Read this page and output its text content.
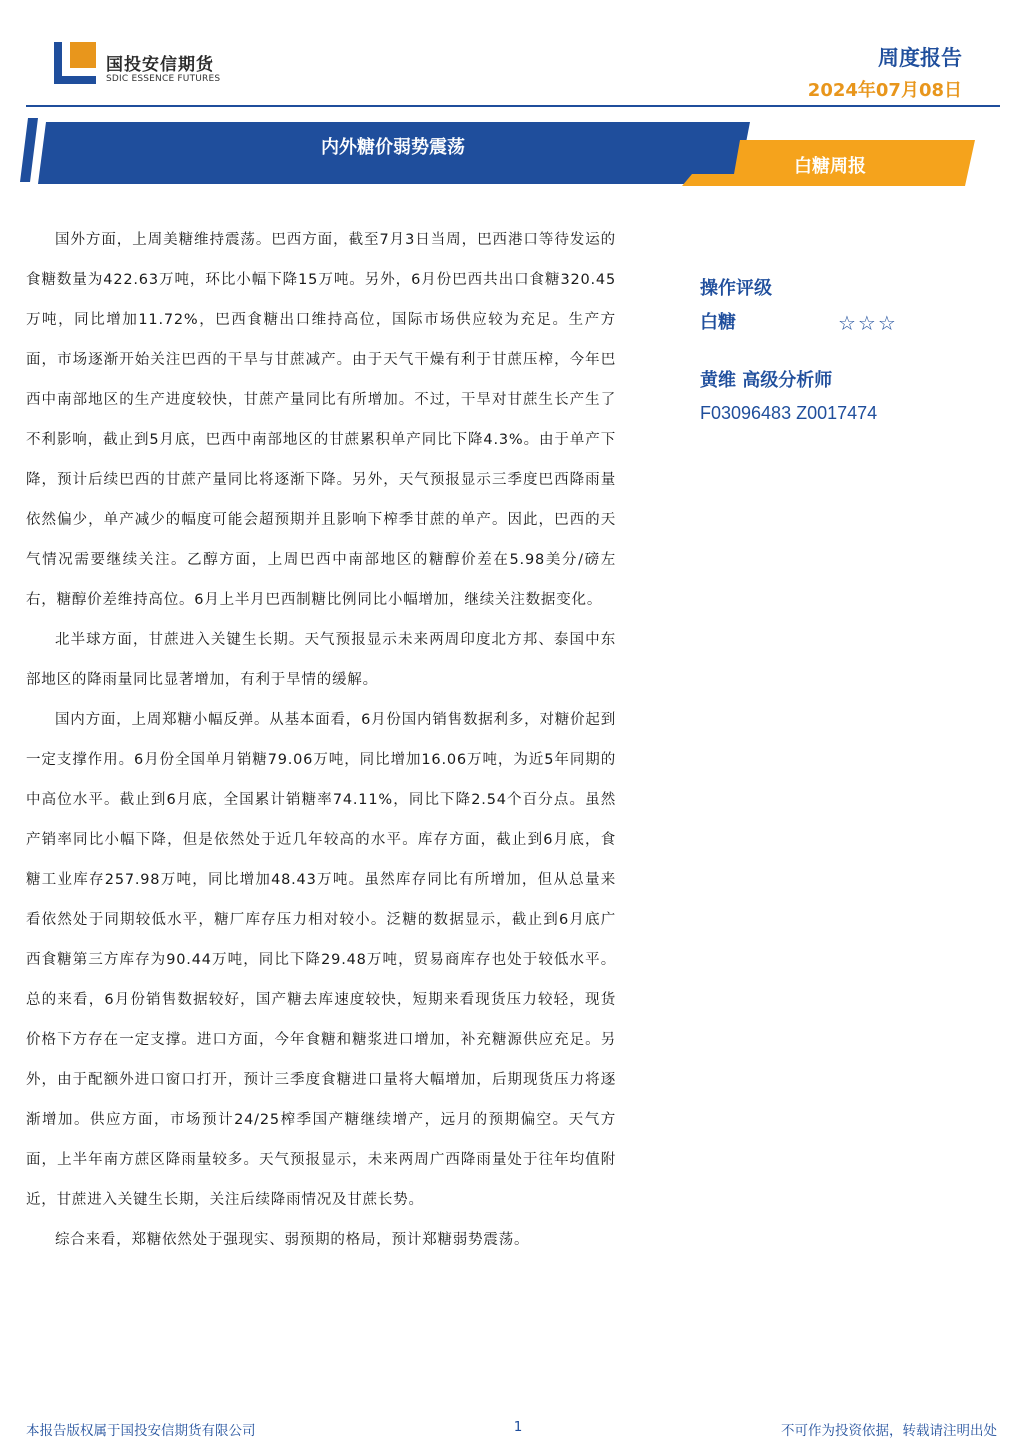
国投安信期货
SDIC ESSENCE FUTURES
周度报告
2024年07月08日
内外糖价弱势震荡
白糖周报

国外方面，上周美糖维持震荡。巴西方面，截至7月3日当周，巴西港口等待发运的食糖数量为422.63万吨，环比小幅下降15万吨。另外，6月份巴西共出口食糖320.45万吨，同比增加11.72%，巴西食糖出口维持高位，国际市场供应较为充足。生产方面，市场逐渐开始关注巴西的干旱与甘蔗减产。由于天气干燥有利于甘蔗压榨，今年巴西中南部地区的生产进度较快，甘蔗产量同比有所增加。不过，干旱对甘蔗生长产生了不利影响，截止到5月底，巴西中南部地区的甘蔗累积单产同比下降4.3%。由于单产下降，预计后续巴西的甘蔗产量同比将逐渐下降。另外，天气预报显示三季度巴西降雨量依然偏少，单产减少的幅度可能会超预期并且影响下榨季甘蔗的单产。因此，巴西的天气情况需要继续关注。乙醇方面，上周巴西中南部地区的糖醇价差在5.98美分/磅左右，糖醇价差维持高位。6月上半月巴西制糖比例同比小幅增加，继续关注数据变化。

北半球方面，甘蔗进入关键生长期。天气预报显示未来两周印度北方邦、泰国中东部地区的降雨量同比显著增加，有利于旱情的缓解。

国内方面，上周郑糖小幅反弹。从基本面看，6月份国内销售数据利多，对糖价起到一定支撑作用。6月份全国单月销糖79.06万吨，同比增加16.06万吨，为近5年同期的中高位水平。截止到6月底，全国累计销糖率74.11%，同比下降2.54个百分点。虽然产销率同比小幅下降，但是依然处于近几年较高的水平。库存方面，截止到6月底，食糖工业库存257.98万吨，同比增加48.43万吨。虽然库存同比有所增加，但从总量来看依然处于同期较低水平，糖厂库存压力相对较小。泛糖的数据显示，截止到6月底广西食糖第三方库存为90.44万吨，同比下降29.48万吨，贸易商库存也处于较低水平。总的来看，6月份销售数据较好，国产糖去库速度较快，短期来看现货压力较轻，现货价格下方存在一定支撑。进口方面，今年食糖和糖浆进口增加，补充糖源供应充足。另外，由于配额外进口窗口打开，预计三季度食糖进口量将大幅增加，后期现货压力将逐渐增加。供应方面，市场预计24/25榨季国产糖继续增产，远月的预期偏空。天气方面，上半年南方蔗区降雨量较多。天气预报显示，未来两周广西降雨量处于往年均值附近，甘蔗进入关键生长期，关注后续降雨情况及甘蔗长势。

综合来看，郑糖依然处于强现实、弱预期的格局，预计郑糖弱势震荡。

操作评级
白糖	☆☆☆
黄维 高级分析师
F03096483 Z0017474
本报告版权属于国投安信期货有限公司	1	不可作为投资依据，转载请注明出处
